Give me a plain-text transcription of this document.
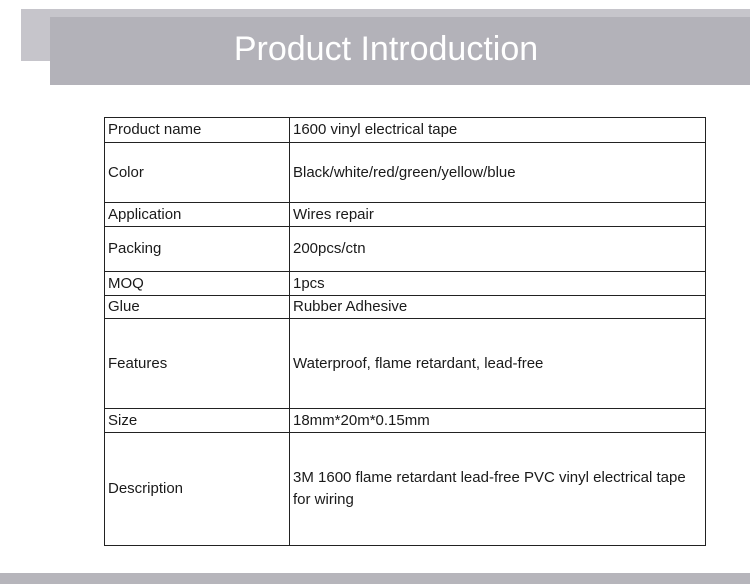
Product Introduction
Product name	1600 vinyl electrical tape
Color	Black/white/red/green/yellow/blue
Application	Wires repair
Packing	200pcs/ctn
MOQ	1pcs
Glue	Rubber Adhesive
Features	Waterproof, flame retardant, lead-free
Size	18mm*20m*0.15mm
Description	3M 1600 flame retardant lead-free PVC vinyl electrical tape for wiring
